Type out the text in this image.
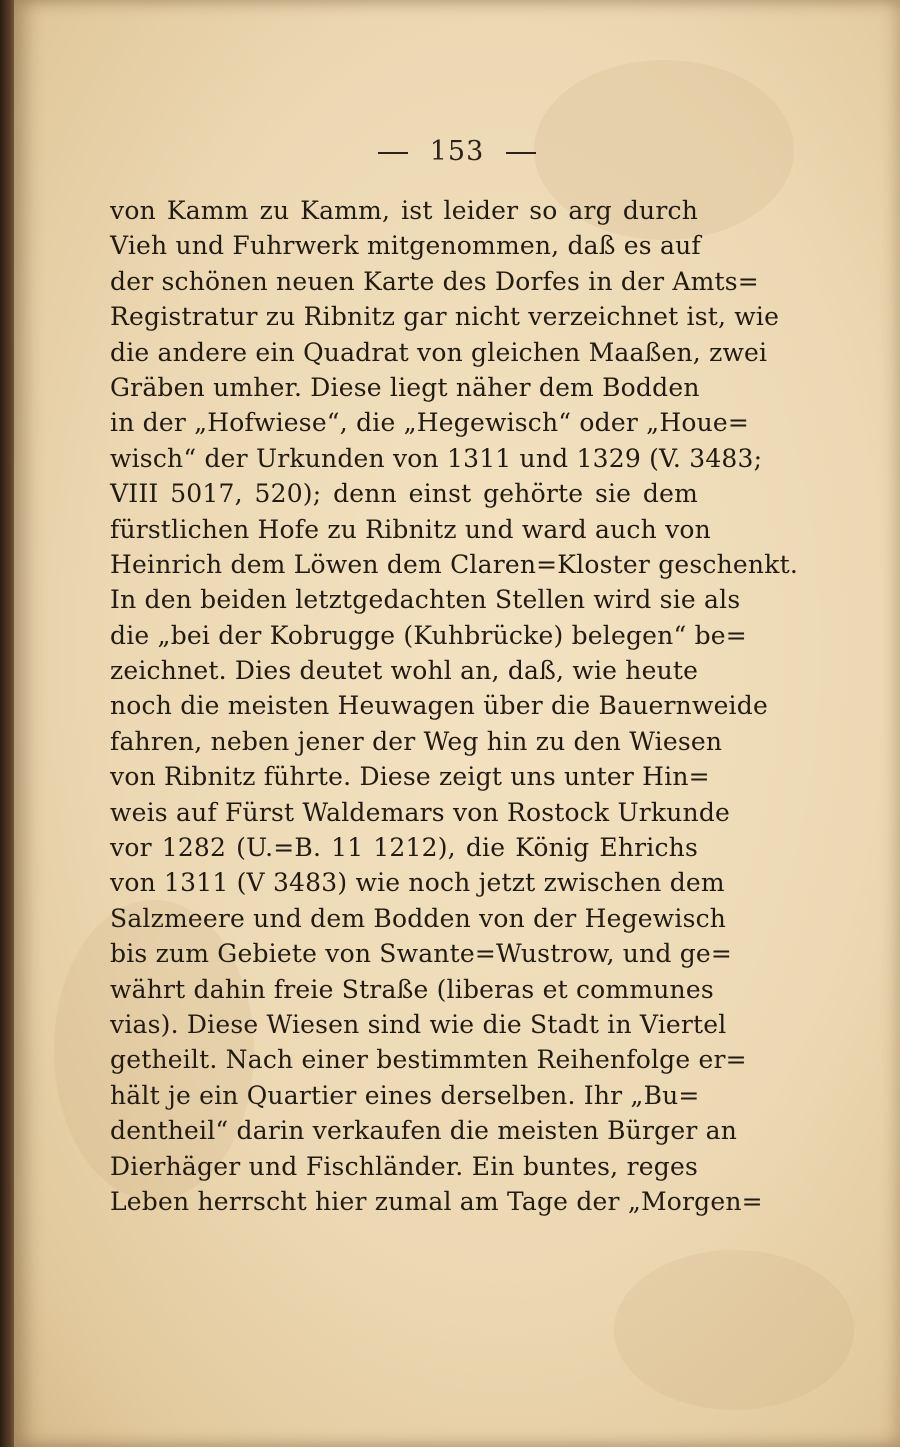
153
von Kamm zu Kamm, ist leider so arg durch
Vieh und Fuhrwerk mitgenommen, daß es auf
der schönen neuen Karte des Dorfes in der Amts=
Registratur zu Ribnitz gar nicht verzeichnet ist, wie
die andere ein Quadrat von gleichen Maaßen, zwei
Gräben umher. Diese liegt näher dem Bodden
in der „Hofwiese“, die „Hegewisch“ oder „Houe=
wisch“ der Urkunden von 1311 und 1329 (V. 3483;
VIII 5017, 520); denn einst gehörte sie dem
fürstlichen Hofe zu Ribnitz und ward auch von
Heinrich dem Löwen dem Claren=Kloster geschenkt.
In den beiden letztgedachten Stellen wird sie als
die „bei der Kobrugge (Kuhbrücke) belegen“ be=
zeichnet. Dies deutet wohl an, daß, wie heute
noch die meisten Heuwagen über die Bauernweide
fahren, neben jener der Weg hin zu den Wiesen
von Ribnitz führte. Diese zeigt uns unter Hin=
weis auf Fürst Waldemars von Rostock Urkunde
vor 1282 (U.=B. 11 1212), die König Ehrichs
von 1311 (V 3483) wie noch jetzt zwischen dem
Salzmeere und dem Bodden von der Hegewisch
bis zum Gebiete von Swante=Wustrow, und ge=
währt dahin freie Straße (liberas et communes
vias). Diese Wiesen sind wie die Stadt in Viertel
getheilt. Nach einer bestimmten Reihenfolge er=
hält je ein Quartier eines derselben. Ihr „Bu=
dentheil“ darin verkaufen die meisten Bürger an
Dierhäger und Fischländer. Ein buntes, reges
Leben herrscht hier zumal am Tage der „Morgen=
